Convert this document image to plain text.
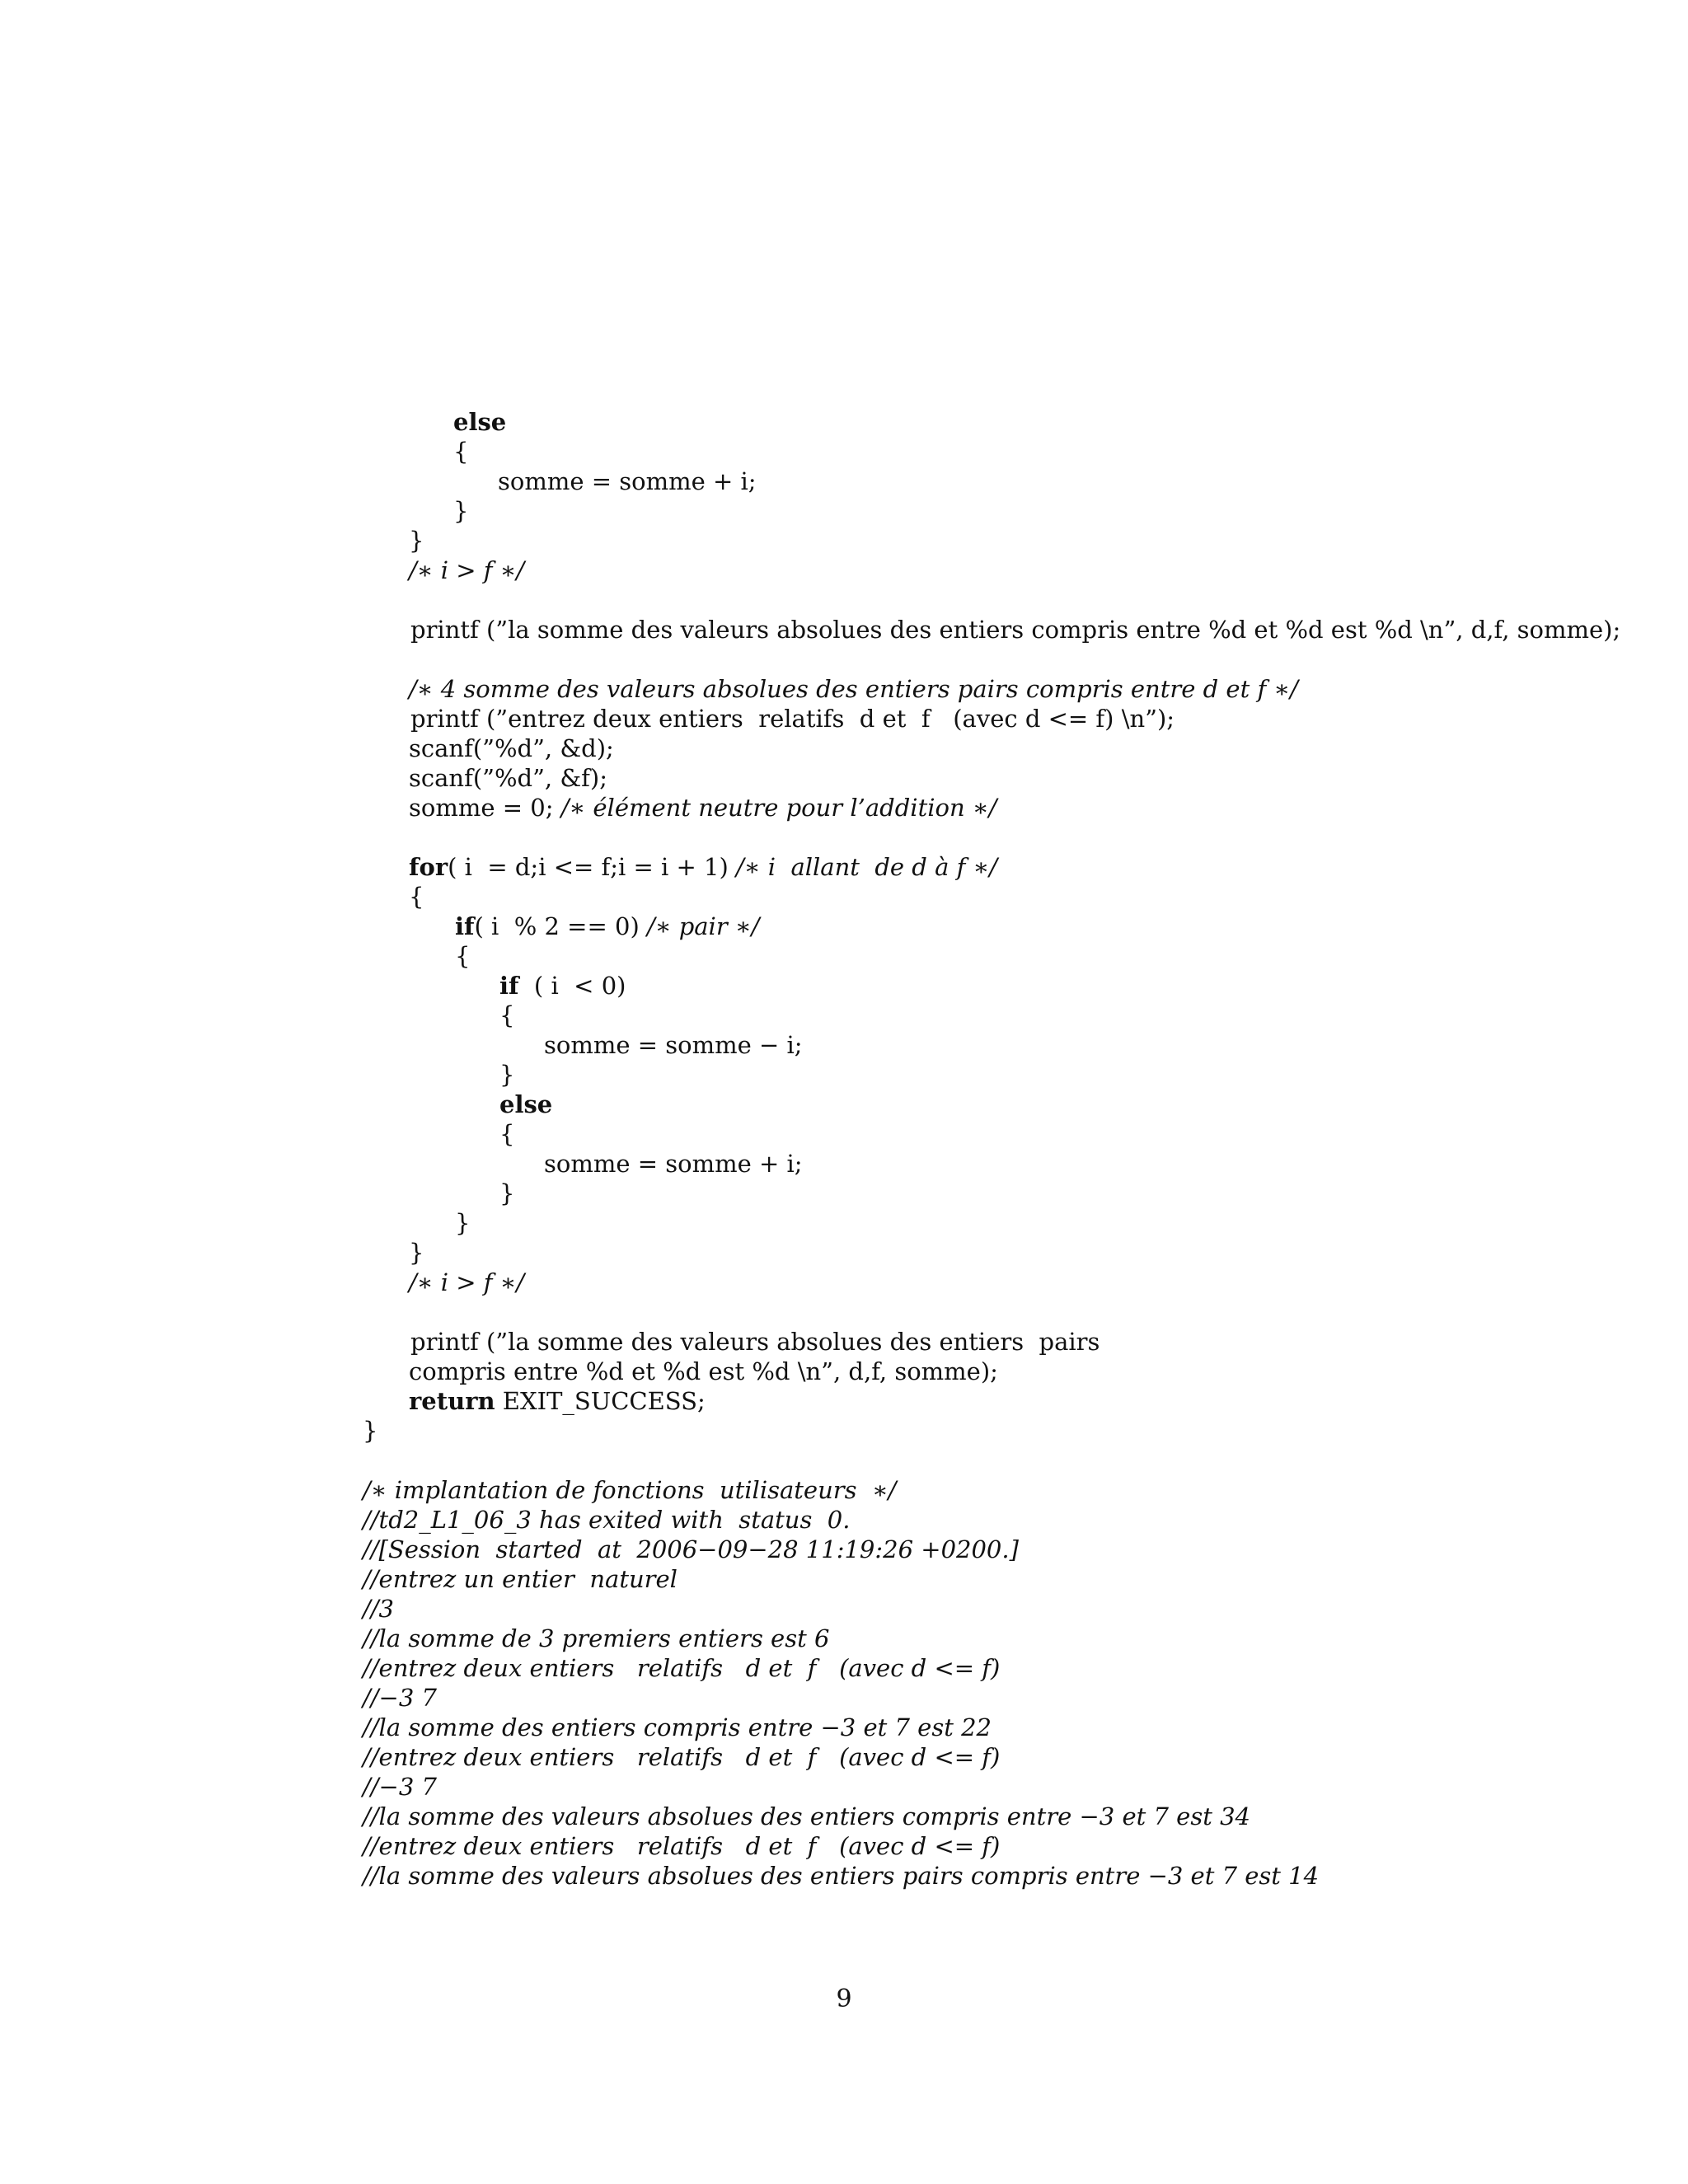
else
{
somme = somme + i;
}
}
/∗ i > f ∗/
printf (”la somme des valeurs absolues des entiers compris entre %d et %d est %d \n”, d,f, somme);
/∗ 4 somme des valeurs absolues des entiers pairs compris entre d et f ∗/
printf (”entrez deux entiers  relatifs  d et  f   (avec d <= f) \n”);
scanf(”%d”, &d);
scanf(”%d”, &f);
somme = 0; /∗ élément neutre pour l’addition ∗/
for( i  = d;i <= f;i = i + 1) /∗ i  allant  de d à f ∗/
{
if( i  % 2 == 0) /∗ pair ∗/
{
if  ( i  < 0)
{
somme = somme − i;
}
else
{
somme = somme + i;
}
}
}
/∗ i > f ∗/
printf (”la somme des valeurs absolues des entiers  pairs
compris entre %d et %d est %d \n”, d,f, somme);
return EXIT_SUCCESS;
}
/∗ implantation de fonctions  utilisateurs  ∗/
//td2_L1_06_3 has exited with  status  0.
//[Session  started  at  2006−09−28 11:19:26 +0200.]
//entrez un entier  naturel
//3
//la somme de 3 premiers entiers est 6
//entrez deux entiers   relatifs   d et  f   (avec d <= f)
//−3 7
//la somme des entiers compris entre −3 et 7 est 22
//entrez deux entiers   relatifs   d et  f   (avec d <= f)
//−3 7
//la somme des valeurs absolues des entiers compris entre −3 et 7 est 34
//entrez deux entiers   relatifs   d et  f   (avec d <= f)
//la somme des valeurs absolues des entiers pairs compris entre −3 et 7 est 14
9
